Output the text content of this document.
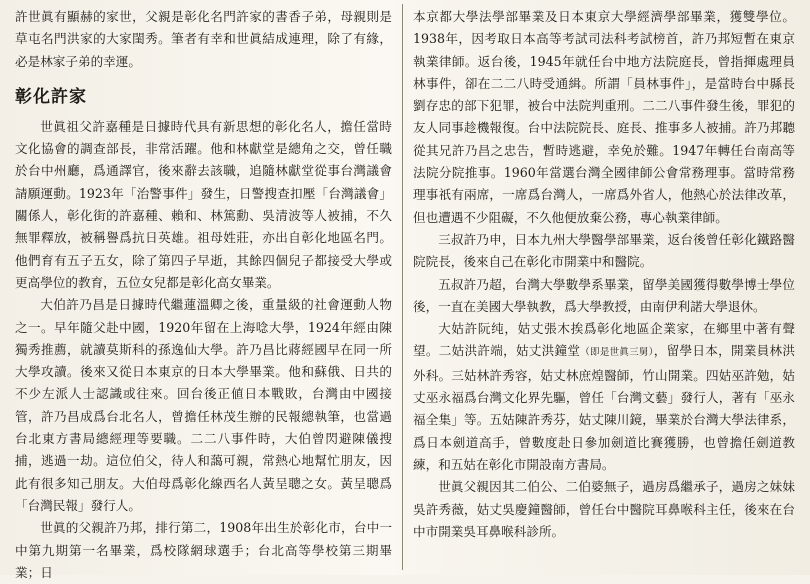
許世眞有顯赫的家世，父親是彰化名門許家的書香子弟，母親則是草屯名門洪家的大家閨秀。筆者有幸和世眞結成連理，除了有緣，必是林家子弟的幸運。

彰化許家

世眞祖父許嘉種是日據時代具有新思想的彰化名人，擔任當時文化協會的調查部長，非常活躍。他和林獻堂是總角之交，曾任職於台中州廳，爲通譯官，後來辭去該職，追隨林獻堂從事台灣議會請願運動。1923年「治警事件」發生，日警搜查扣壓「台灣議會」關係人，彰化街的許嘉種、賴和、林篤勳、吳清波等人被捕，不久無罪釋放，被稱譽爲抗日英雄。祖母姓莊，亦出自彰化地區名門。他們育有五子五女，除了第四子早逝，其餘四個兒子都接受大學或更高學位的教育，五位女兒都是彰化高女畢業。

大伯許乃昌是日據時代繼蓮溫卿之後，重量級的社會運動人物之一。早年隨父赴中國，1920年留在上海唸大學，1924年經由陳獨秀推薦，就讀莫斯科的孫逸仙大學。許乃昌比蔣經國早在同一所大學攻讀。後來又從日本東京的日本大學畢業。他和蘇俄、日共的不少左派人士認識或往來。回台後正値日本戰敗，台灣由中國接管，許乃昌成爲台北名人，曾擔任林茂生辦的民報總執筆，也當過台北東方書局總經理等要職。二二八事件時，大伯曾閃避陳儀搜捕，逃過一劫。這位伯父，待人和藹可親，常熱心地幫忙朋友，因此有很多知己朋友。大伯母爲彰化線西名人黃呈聰之女。黃呈聰爲「台灣民報」發行人。

世眞的父親許乃邦，排行第二，1908年出生於彰化市，台中一中第九期第一名畢業，爲校隊網球選手；台北高等學校第三期畢業；日

本京都大學法學部畢業及日本東京大學經濟學部畢業，獲雙學位。1938年，因考取日本高等考試司法科考試榜首，許乃邦短暫在東京執業律師。返台後，1945年就任台中地方法院庭長，曾指揮處理員林事件，卻在二二八時受通緝。所謂「員林事件」，是當時台中縣長劉存忠的部下犯罪，被台中法院判重刑。二二八事件發生後，罪犯的友人同事趁機報復。台中法院院長、庭長、推事多人被捕。許乃邦聽從其兄許乃昌之忠告，暫時逃避，幸免於難。1947年轉任台南高等法院分院推事。1960年當選台灣全國律師公會常務理事。當時常務理事祇有兩席，一席爲台灣人，一席爲外省人，他熱心於法律改革，但也遭遇不少阻礙，不久他便放棄公務，專心執業律師。

三叔許乃申，日本九州大學醫學部畢業，返台後曾任彰化鐵路醫院院長，後來自己在彰化市開業中和醫院。

五叔許乃超，台灣大學數學系畢業，留學美國獲得數學博士學位後，一直在美國大學執教，爲大學教授，由南伊利諾大學退休。

大姑許阮纯，姑丈張木挨爲彰化地區企業家，在鄉里中著有聲望。二姑洪許端，姑丈洪鐘堂（即是世眞三舅），留學日本，開業員林洪外科。三姑林許秀容，姑丈林庶煌醫師，竹山開業。四姑巫許勉，姑丈巫永福爲台灣文化界先驅，曾任「台灣文藝」發行人，著有「巫永福全集」等。五姑陳許秀芬，姑丈陳川鏡，畢業於台灣大學法律系，爲日本劍道高手，曾數度赴日參加劍道比賽獲勝，也曾擔任劍道教練，和五姑在彰化市開設南方書局。

世眞父親因其二伯公、二伯婆無子，過房爲繼承子，過房之妹妹吳許秀薇，姑丈吳慶鐘醫師，曾任台中醫院耳鼻喉科主任，後來在台中市開業吳耳鼻喉科診所。
